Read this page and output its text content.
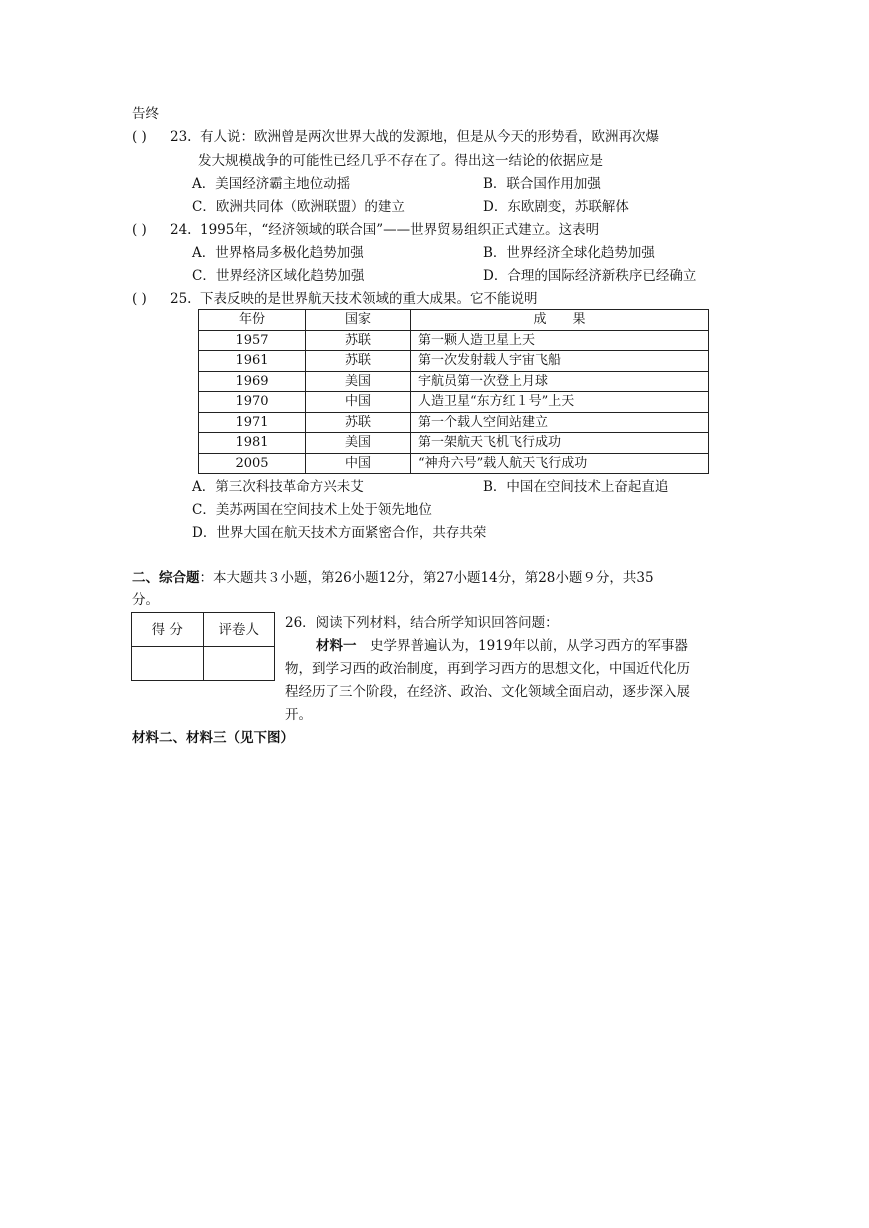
告终
( ) 23. 有人说：欧洲曾是两次世界大战的发源地，但是从今天的形势看，欧洲再次爆
发大规模战争的可能性已经几乎不存在了。得出这一结论的依据应是
A．美国经济霸主地位动摇	B．联合国作用加强
C．欧洲共同体（欧洲联盟）的建立	D．东欧剧变，苏联解体
( ) 24. 1995年，“经济领域的联合国”——世界贸易组织正式建立。这表明
A．世界格局多极化趋势加强	B．世界经济全球化趋势加强
C．世界经济区域化趋势加强	D．合理的国际经济新秩序已经确立
( ) 25. 下表反映的是世界航天技术领域的重大成果。它不能说明
年份	国家	成　　果
1957	苏联	第一颗人造卫星上天
1961	苏联	第一次发射载人宇宙飞船
1969	美国	宇航员第一次登上月球
1970	中国	人造卫星“东方红１号”上天
1971	苏联	第一个载人空间站建立
1981	美国	第一架航天飞机飞行成功
2005	中国	“神舟六号”载人航天飞行成功
A．第三次科技革命方兴未艾	B．中国在空间技术上奋起直追
C．美苏两国在空间技术上处于领先地位
D．世界大国在航天技术方面紧密合作，共存共荣
二、综合题：本大题共３小题，第26小题12分，第27小题14分，第28小题９分，共35
分。
得 分	评卷人
	26．阅读下列材料，结合所学知识回答问题：
材料一　史学界普遍认为，1919年以前，从学习西方的军事器
物，到学习西的政治制度，再到学习西方的思想文化，中国近代化历
程经历了三个阶段，在经济、政治、文化领域全面启动，逐步深入展
开。
材料二、材料三（见下图）
